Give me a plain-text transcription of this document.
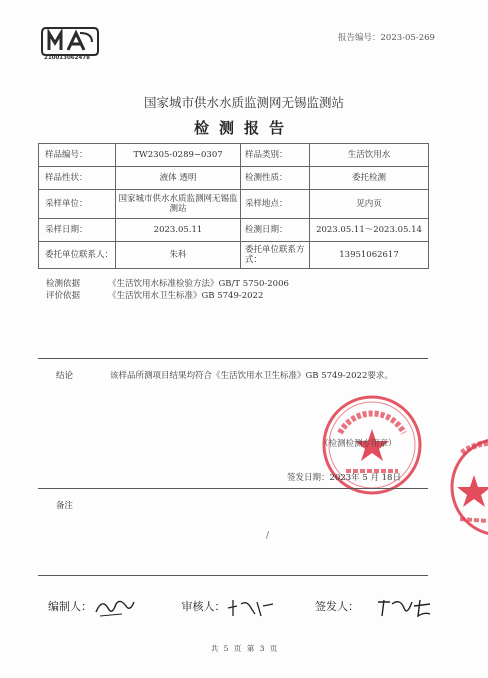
210013062478
报告编号：2023-05-269
国家城市供水水质监测网无锡监测站
检测报告
样品编号：	TW2305-0289~0307	样品类别：	生活饮用水
样品性状：	液体 透明	检测性质：	委托检测
采样单位：	国家城市供水水质监测网无锡监测站	采样地点：	见内页
采样日期：	2023.05.11	检测日期：	2023.05.11～2023.05.14
委托单位联系人：	朱科	委托单位联系方式：	13951062617
检测依据	《生活饮用水标准检验方法》GB/T 5750-2006
评价依据	《生活饮用水卫生标准》GB 5749-2022
结论	该样品所测项目结果均符合《生活饮用水卫生标准》GB 5749-2022要求。
（检测检测专用章）
签发日期：2023年 5 月 18日
备注
/
编制人：	审核人：	签发人：
共 5 页 第 3 页
